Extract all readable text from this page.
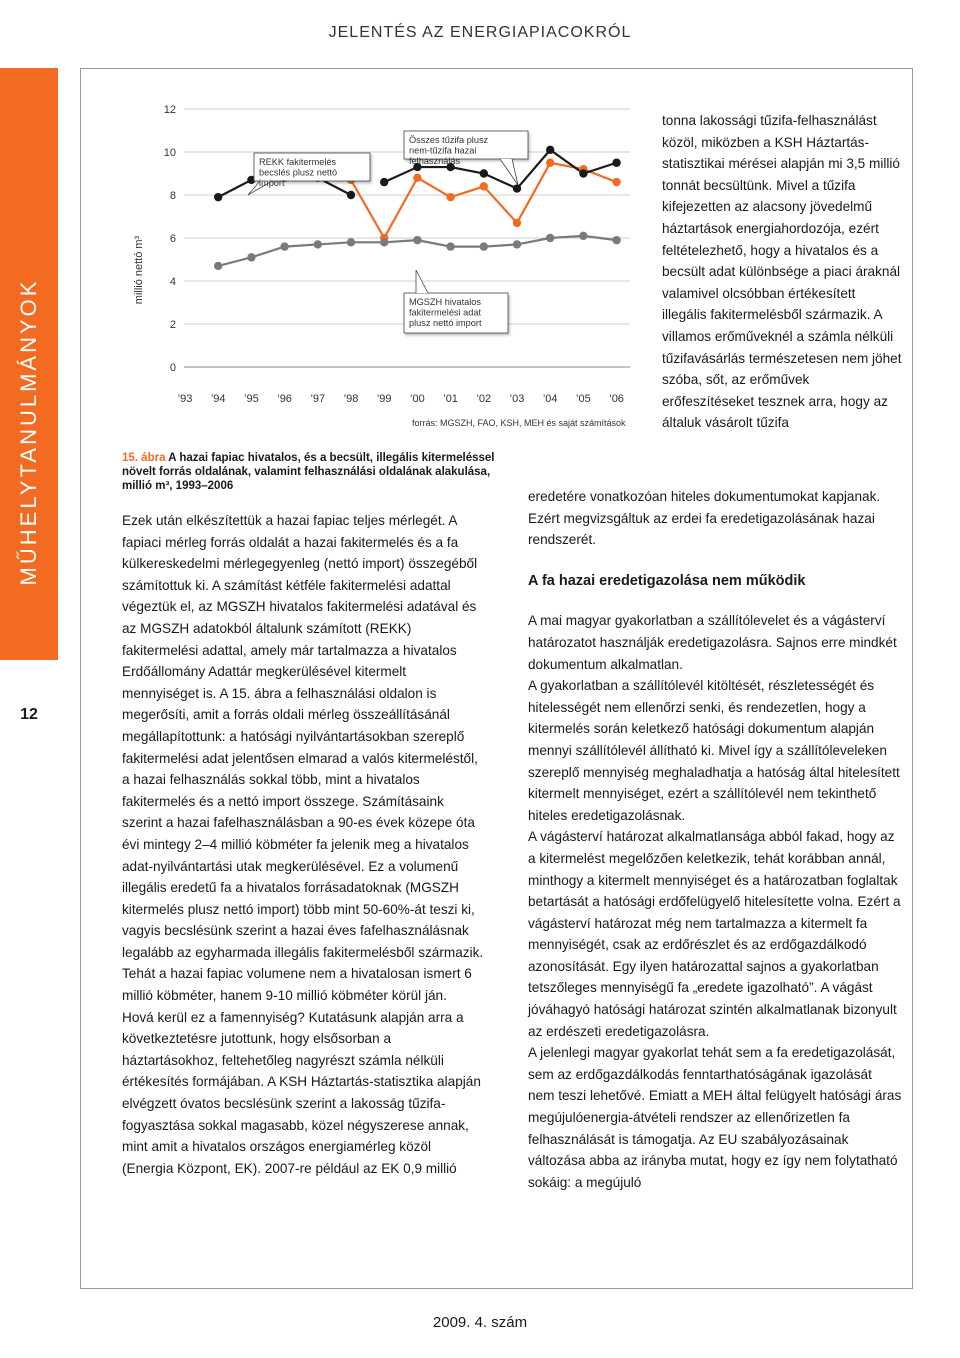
JELENTÉS AZ ENERGIAPIACOKRÓL
MŰHELYTANULMÁNYOK
12
0
2
4
6
8
10
12
millió nettó m³
’93 ’94 ’95 ’96 ’97 ’98 ’99 ’00 ’01 ’02 ’03 ’04 ’05 ’06
REKK fakitermelés
becslés plusz nettó
import
Összes tűzifa plusz
nem-tűzifa hazai
felhasználás
MGSZH hivatalos
fakitermelési adat
plusz nettó import
forrás: MGSZH, FAO, KSH, MEH és saját számítások
15. ábra A hazai fapiac hivatalos, és a becsült, illegális kitermeléssel növelt forrás oldalának, valamint felhasználási oldalának alakulása, millió m³, 1993–2006

Ezek után elkészítettük a hazai fapiac teljes mérlegét. A fapiaci mérleg forrás oldalát a hazai fakitermelés és a fa külkereskedelmi mérlegegyenleg (nettó import) összegéből számítottuk ki. A számítást kétféle fakitermelési adattal végeztük el, az MGSZH hivatalos fakitermelési adatával és az MGSZH adatokból általunk számított (REKK) fakitermelési adattal, amely már tartalmazza a hivatalos Erdőállomány Adattár megkerülésével kitermelt mennyiséget is. A 15. ábra a felhasználási oldalon is megerősíti, amit a forrás oldali mérleg összeállításánál megállapítottunk: a hatósági nyilvántartásokban szereplő fakitermelési adat jelentősen elmarad a valós kitermeléstől, a hazai felhasználás sokkal több, mint a hivatalos fakitermelés és a nettó import összege. Számításaink szerint a hazai fafelhasználásban a 90-es évek közepe óta évi mintegy 2–4 millió köbméter fa jelenik meg a hivatalos adat-nyilvántartási utak megkerülésével. Ez a volumenű illegális eredetű fa a hivatalos forrásadatoknak (MGSZH kitermelés plusz nettó import) több mint 50-60%-át teszi ki, vagyis becslésünk szerint a hazai éves fafelhasználásnak legalább az egyharmada illegális fakitermelésből származik. Tehát a hazai fapiac volumene nem a hivatalosan ismert 6 millió köbméter, hanem 9-10 millió köbméter körül ján.

Hová kerül ez a famennyiség? Kutatásunk alapján arra a következtetésre jutottunk, hogy elsősorban a háztartásokhoz, feltehetőleg nagyrészt számla nélküli értékesítés formájában. A KSH Háztartás-statisztika alapján elvégzett óvatos becslésünk szerint a lakosság tűzifa-fogyasztása sokkal magasabb, közel négyszerese annak, mint amit a hivatalos országos energiamérleg közöl (Energia Központ, EK). 2007-re például az EK 0,9 millió

tonna lakossági tűzifa-felhasználást közöl, miközben a KSH Háztartás-statisztikai mérései alapján mi 3,5 millió tonnát becsültünk. Mivel a tűzifa kifejezetten az alacsony jövedelmű háztartások energiahordozója, ezért feltételezhető, hogy a hivatalos és a becsült adat különbsége a piaci áraknál valamivel olcsóbban értékesített illegális fakitermelésből származik. A villamos erőműveknél a számla nélküli tűzifavásárlás természetesen nem jöhet szóba, sőt, az erőművek erőfeszítéseket tesznek arra, hogy az általuk vásárolt tűzifa

eredetére vonatkozóan hiteles dokumentumokat kapjanak. Ezért megvizsgáltuk az erdei fa eredetigazolásának hazai rendszerét.

A fa hazai eredetigazolása nem működik

A mai magyar gyakorlatban a szállítólevelet és a vágásterví határozatot használják eredetigazolásra. Sajnos erre mindkét dokumentum alkalmatlan.

A gyakorlatban a szállítólevél kitöltését, részletességét és hitelességét nem ellenőrzi senki, és rendezetlen, hogy a kitermelés során keletkező hatósági dokumentum alapján mennyi szállítólevél állítható ki. Mivel így a szállítóleveleken szereplő mennyiség meghaladhatja a hatóság által hitelesített kitermelt mennyiséget, ezért a szállítólevél nem tekinthető hiteles eredetigazolásnak.

A vágásterví határozat alkalmatlansága abból fakad, hogy az a kitermelést megelőzően keletkezik, tehát korábban annál, minthogy a kitermelt mennyiséget és a határozatban foglaltak betartását a hatósági erdőfelügyelő hitelesítette volna. Ezért a vágásterví határozat még nem tartalmazza a kitermelt fa mennyiségét, csak az erdőrészlet és az erdőgazdálkodó azonosítását. Egy ilyen határozattal sajnos a gyakorlatban tetszőleges mennyiségű fa „eredete igazolható”. A vágást jóváhagyó hatósági határozat szintén alkalmatlanak bizonyult az erdészeti eredetigazolásra.

A jelenlegi magyar gyakorlat tehát sem a fa eredetigazolását, sem az erdőgazdálkodás fenntarthatóságának igazolását nem teszi lehetővé. Emiatt a MEH által felügyelt hatósági áras megújulóenergia-átvételi rendszer az ellenőrizetlen fa felhasználását is támogatja. Az EU szabályozásainak változása abba az irányba mutat, hogy ez így nem folytatható sokáig: a megújuló

2009. 4. szám
